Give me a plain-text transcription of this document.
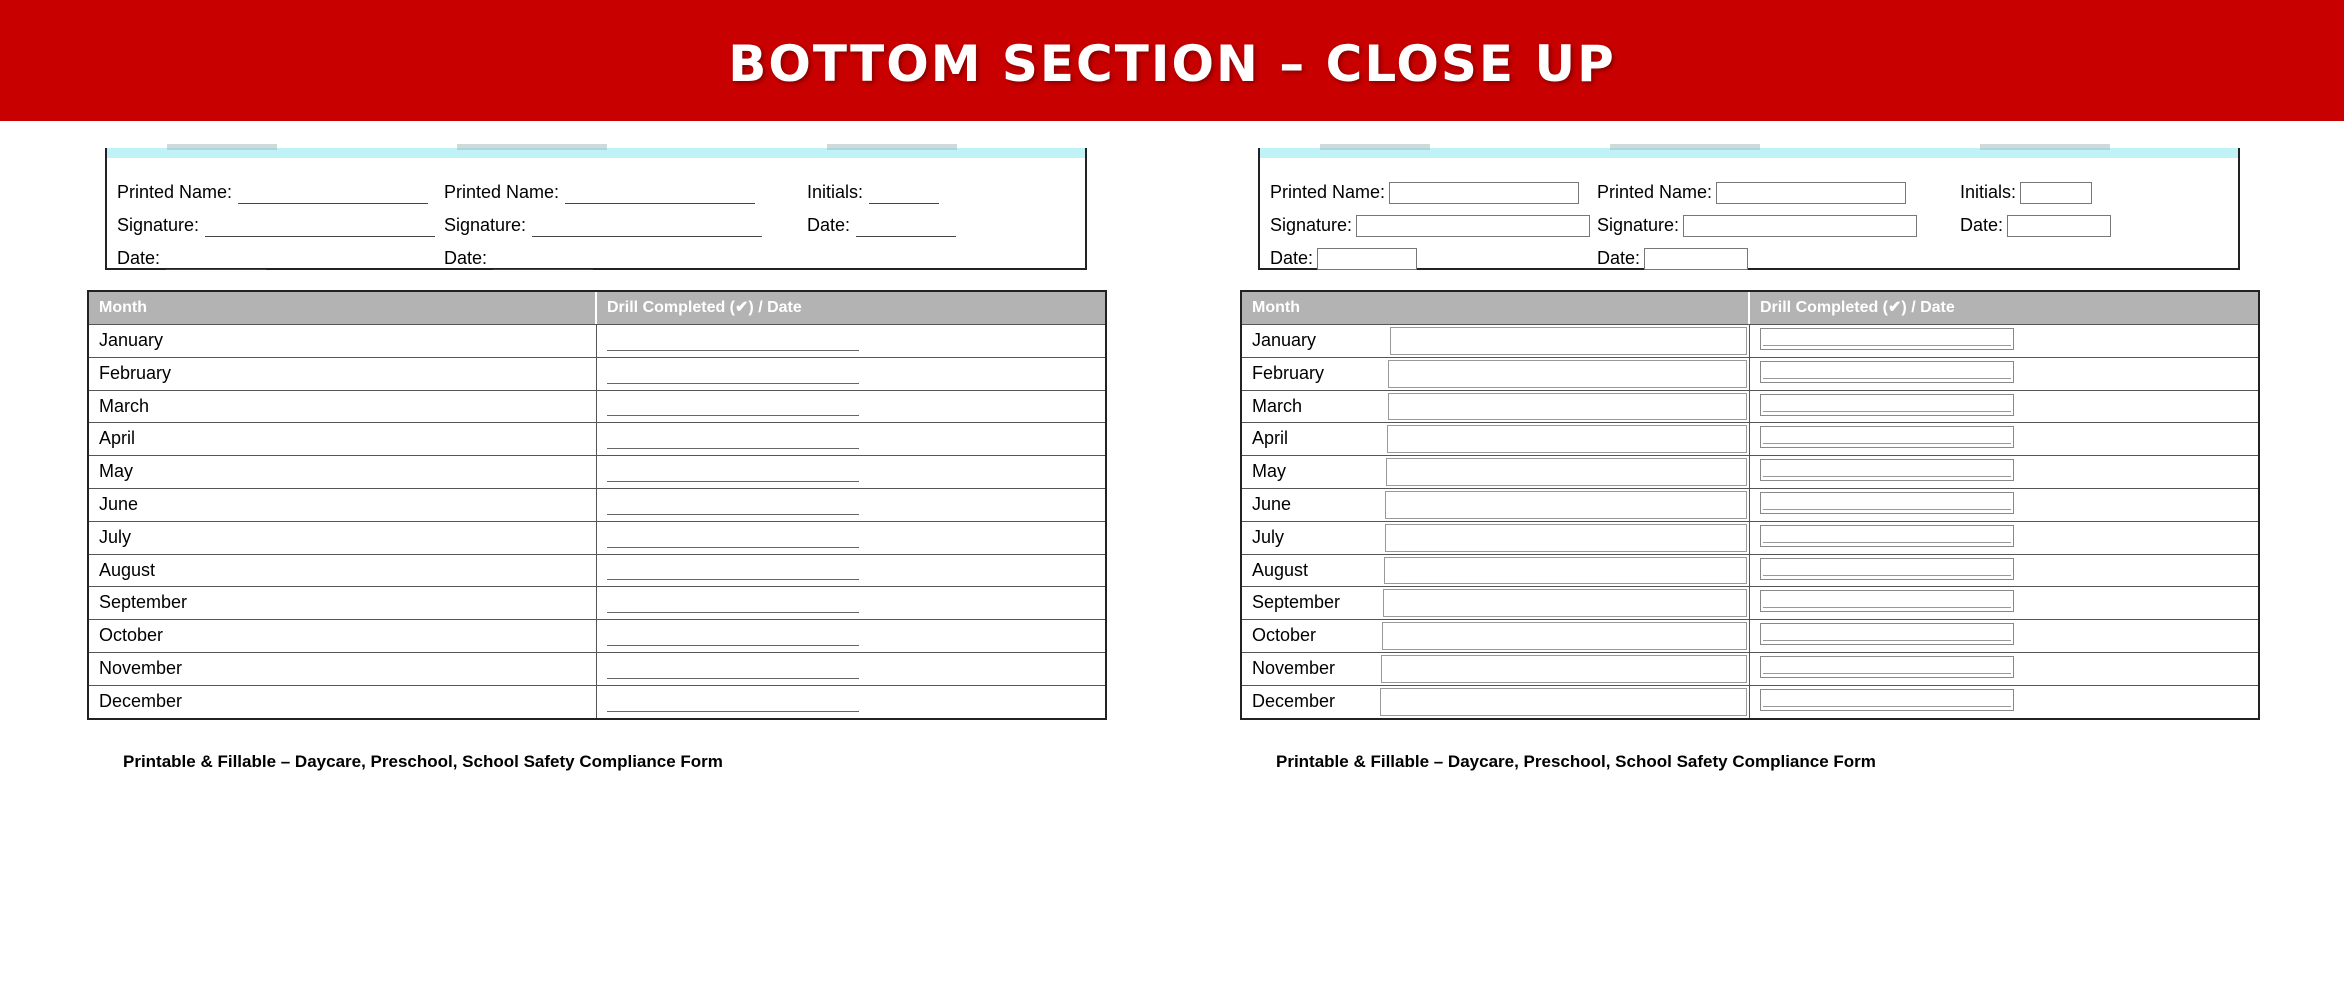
BOTTOM SECTION – CLOSE UP
Printed Name:
Signature:
Date:
Printed Name:
Signature:
Date:
Initials:
Date:
Month	Drill Completed (✔) / Date
January
February
March
April
May
June
July
August
September
October
November
December
Printable & Fillable – Daycare, Preschool, School Safety Compliance Form
Printed Name:
Signature:
Date:
Printed Name:
Signature:
Date:
Initials:
Date:
Month	Drill Completed (✔) / Date
January
February
March
April
May
June
July
August
September
October
November
December
Printable & Fillable – Daycare, Preschool, School Safety Compliance Form
